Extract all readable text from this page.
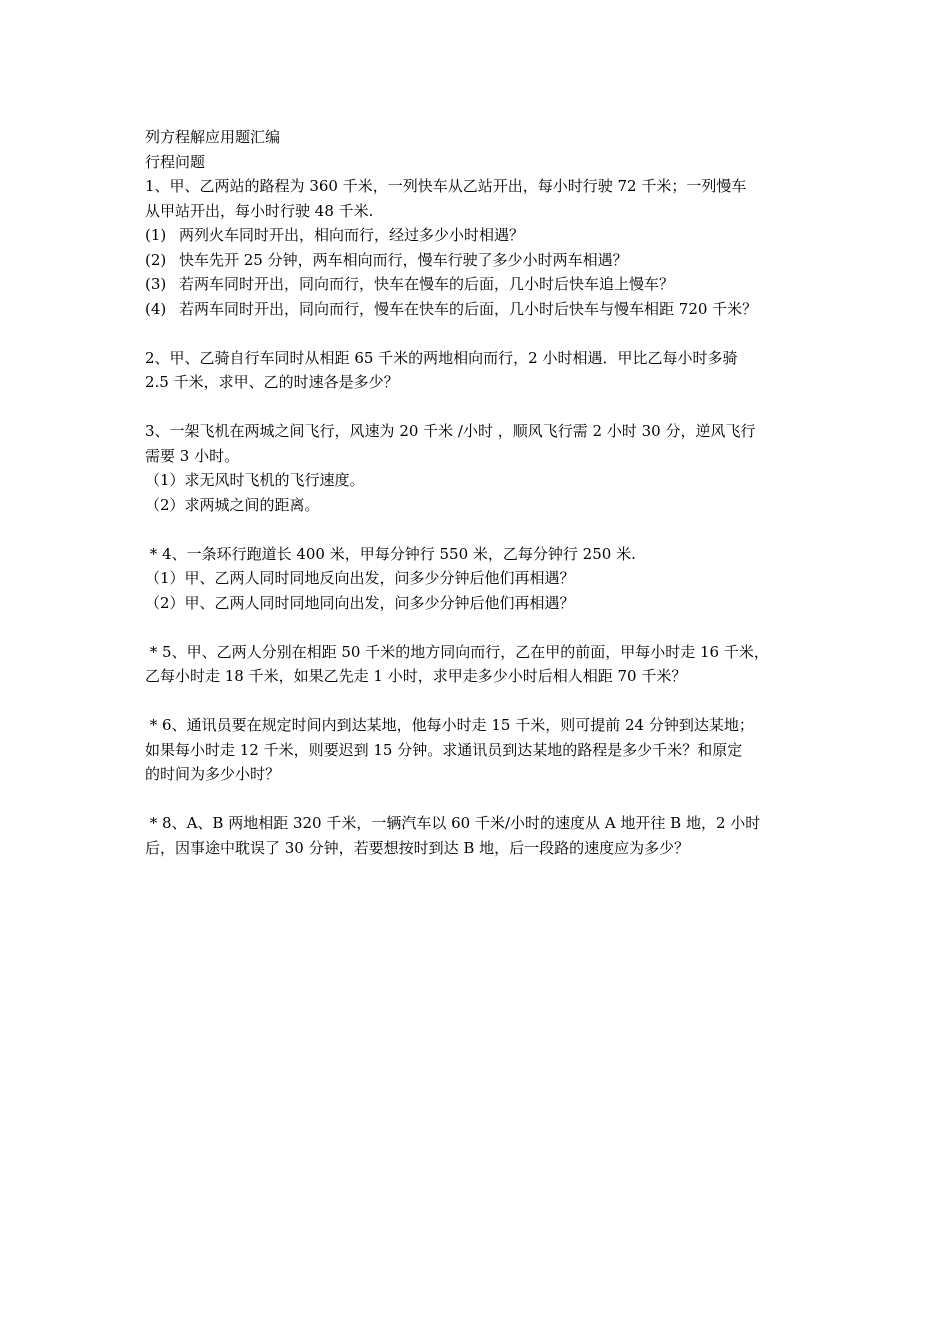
列方程解应用题汇编
行程问题
1、甲、乙两站的路程为 360 千米，一列快车从乙站开出，每小时行驶 72 千米；一列慢车
从甲站开出，每小时行驶 48 千米.
(1) 两列火车同时开出，相向而行，经过多少小时相遇？
(2) 快车先开 25 分钟，两车相向而行，慢车行驶了多少小时两车相遇？
(3) 若两车同时开出，同向而行，快车在慢车的后面，几小时后快车追上慢车？
(4) 若两车同时开出，同向而行，慢车在快车的后面，几小时后快车与慢车相距 720 千米？
2、甲、乙骑自行车同时从相距 65 千米的两地相向而行，2 小时相遇．甲比乙每小时多骑
2.5 千米，求甲、乙的时速各是多少？
3、一架飞机在两城之间飞行，风速为 20 千米 /小时 ，顺风飞行需 2 小时 30 分，逆风飞行
需要 3 小时。
（1）求无风时飞机的飞行速度。
（2）求两城之间的距离。
* 4、一条环行跑道长 400 米，甲每分钟行 550 米，乙每分钟行 250 米.
（1）甲、乙两人同时同地反向出发，问多少分钟后他们再相遇？
（2）甲、乙两人同时同地同向出发，问多少分钟后他们再相遇？
* 5、甲、乙两人分别在相距 50 千米的地方同向而行，乙在甲的前面，甲每小时走 16 千米，
乙每小时走 18 千米，如果乙先走 1 小时，求甲走多少小时后相人相距 70 千米？
* 6、通讯员要在规定时间内到达某地，他每小时走 15 千米，则可提前 24 分钟到达某地；
如果每小时走 12 千米，则要迟到 15 分钟。求通讯员到达某地的路程是多少千米？和原定
的时间为多少小时？
* 8、A、B 两地相距 320 千米，一辆汽车以 60 千米/小时的速度从 A 地开往 B 地，2 小时
后，因事途中耽误了 30 分钟，若要想按时到达 B 地，后一段路的速度应为多少？
